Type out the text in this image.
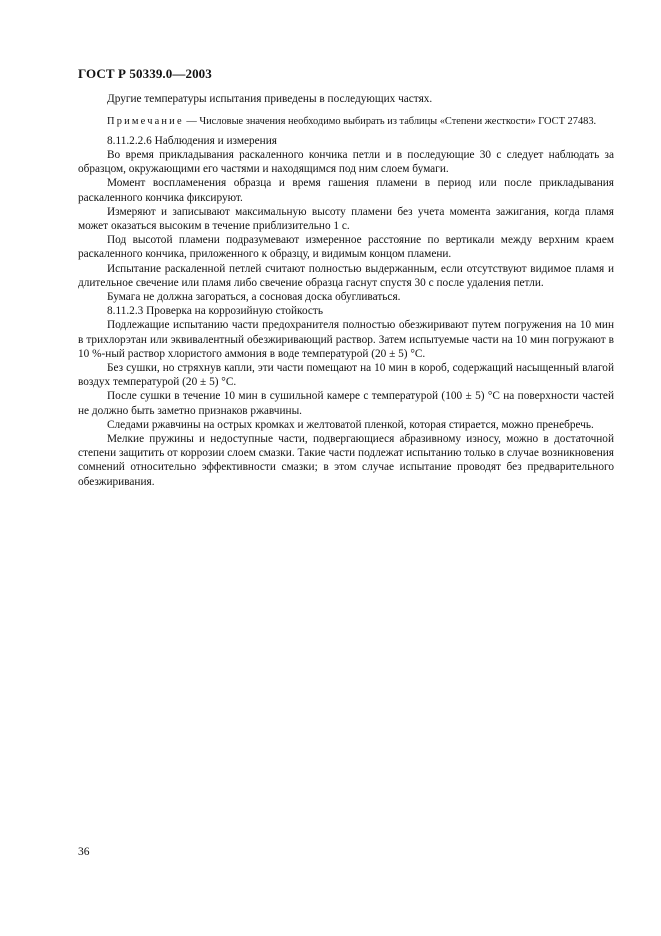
ГОСТ Р 50339.0—2003

Другие температуры испытания приведены в последующих частях.

Примечание — Числовые значения необходимо выбирать из таблицы «Степени жесткости» ГОСТ 27483.

8.11.2.2.6 Наблюдения и измерения

Во время прикладывания раскаленного кончика петли и в последующие 30 с следует наблюдать за образцом, окружающими его частями и находящимся под ним слоем бумаги.

Момент воспламенения образца и время гашения пламени в период или после прикладывания раскаленного кончика фиксируют.

Измеряют и записывают максимальную высоту пламени без учета момента зажигания, когда пламя может оказаться высоким в течение приблизительно 1 с.

Под высотой пламени подразумевают измеренное расстояние по вертикали между верхним краем раскаленного кончика, приложенного к образцу, и видимым концом пламени.

Испытание раскаленной петлей считают полностью выдержанным, если отсутствуют видимое пламя и длительное свечение или пламя либо свечение образца гаснут спустя 30 с после удаления петли.

Бумага не должна загораться, а сосновая доска обугливаться.

8.11.2.3 Проверка на коррозийную стойкость

Подлежащие испытанию части предохранителя полностью обезжиривают путем погружения на 10 мин в трихлорэтан или эквивалентный обезжиривающий раствор. Затем испытуемые части на 10 мин погружают в 10 %-ный раствор хлористого аммония в воде температурой (20 ± 5) °С.

Без сушки, но стряхнув капли, эти части помещают на 10 мин в короб, содержащий насыщенный влагой воздух температурой (20 ± 5) °С.

После сушки в течение 10 мин в сушильной камере с температурой (100 ± 5) °С на поверхности частей не должно быть заметно признаков ржавчины.

Следами ржавчины на острых кромках и желтоватой пленкой, которая стирается, можно пренебречь.

Мелкие пружины и недоступные части, подвергающиеся абразивному износу, можно в достаточной степени защитить от коррозии слоем смазки. Такие части подлежат испытанию только в случае возникновения сомнений относительно эффективности смазки; в этом случае испытание проводят без предварительного обезжиривания.

36
